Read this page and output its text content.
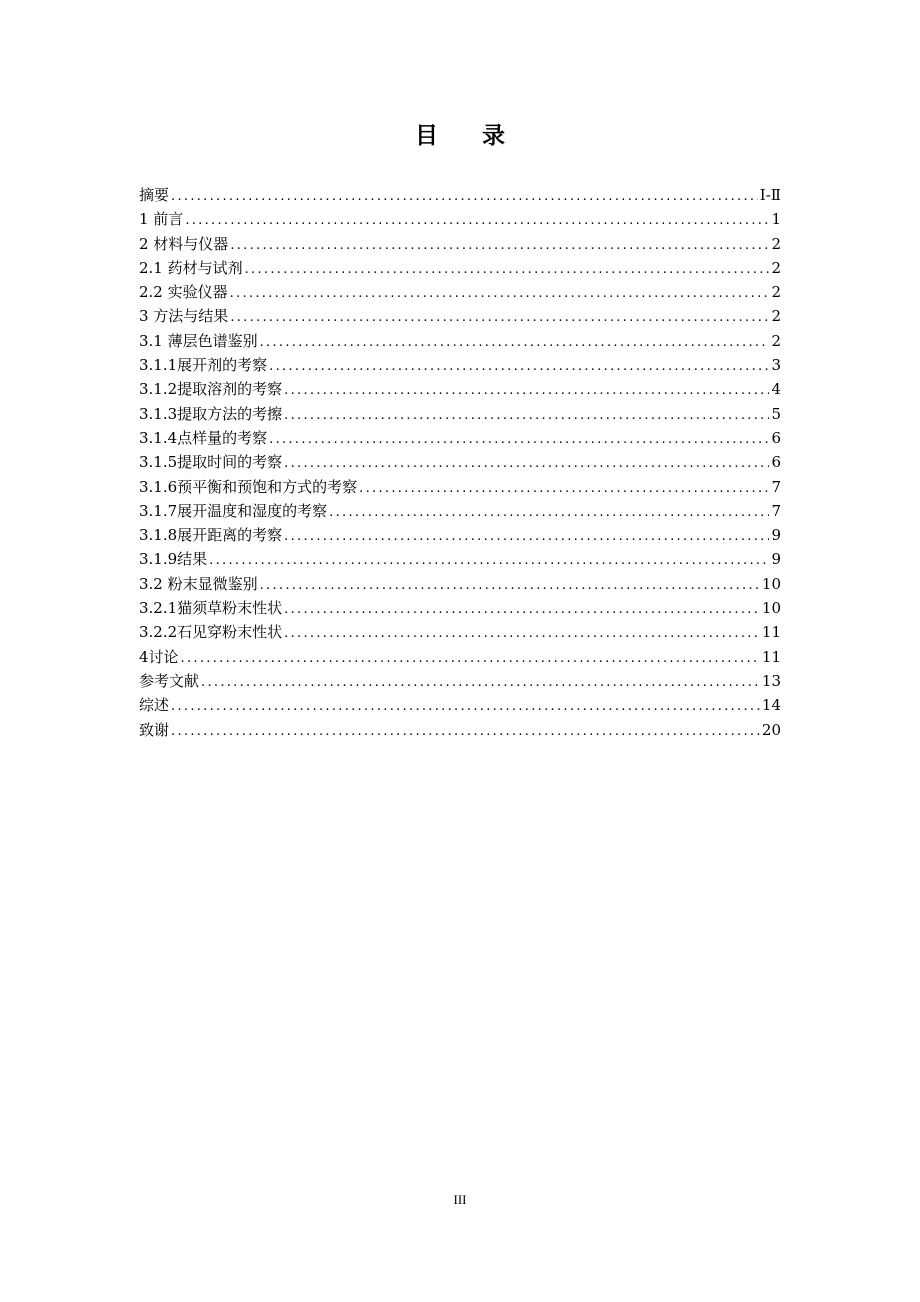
目录
摘要 .....	Ⅰ-Ⅱ
1 前言 .....	1
2 材料与仪器 .....	2
2.1 药材与试剂 .....	2
2.2 实验仪器 .....	2
3 方法与结果 .....	2
3.1 薄层色谱鉴别 .....	2
3.1.1展开剂的考察 .....	3
3.1.2提取溶剂的考察 .....	4
3.1.3提取方法的考擦 .....	5
3.1.4点样量的考察 .....	6
3.1.5提取时间的考察 .....	6
3.1.6预平衡和预饱和方式的考察 .....	7
3.1.7展开温度和湿度的考察 .....	7
3.1.8展开距离的考察 .....	9
3.1.9结果 .....	9
3.2 粉末显微鉴别 .....	10
3.2.1猫须草粉末性状 .....	10
3.2.2石见穿粉末性状 .....	11
4讨论 .....	11
参考文献 .....	13
综述 .....	14
致谢 .....	20
III
